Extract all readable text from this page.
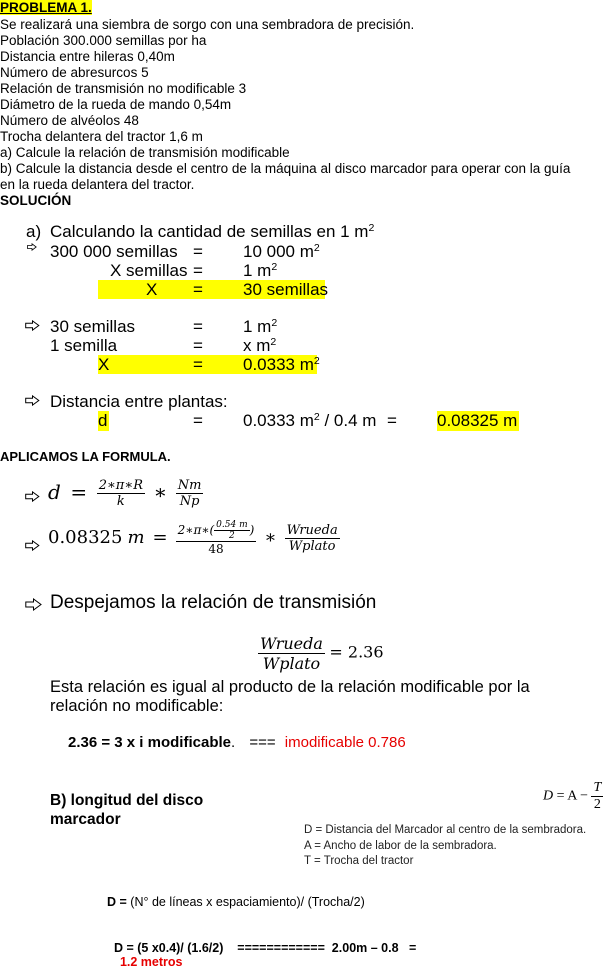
PROBLEMA 1.
Se realizará una siembra de sorgo con una sembradora de precisión.
Población 300.000 semillas por ha
Distancia entre hileras 0,40m
Número de abresurcos 5
Relación de transmisión no modificable 3
Diámetro de la rueda de mando 0,54m
Número de alvéolos 48
Trocha delantera del tractor 1,6 m
a) Calcule la relación de transmisión modificable
b) Calcule la distancia desde el centro de la máquina al disco marcador para operar con la guía
en la rueda delantera del tractor.
SOLUCIÓN
a) Calculando la cantidad de semillas en 1 $m^2$
300 000 semillas = 10 000 $m^2$
X semillas = 1 $m^2$
X = 30 semillas
30 semillas	= 1 $m^2$
1 semilla	= x $m^2$
X	= 0.0333 $m^2$
Distancia entre plantas:
d	= 0.0333 $m^2 / 0.4$ m = 0.08325 m
APLICAMOS LA FORMULA.
$d = \frac{2∗\pi∗R}{k}$ ∗ $\frac{Nm}{Np}$
0.08325 $m = \frac{2∗\pi∗( \frac{0.54 m}{2} )}{48}$ ∗ $\frac{\text{Wrueda}}{\text{Wplato}}$
Despejamos la relación de transmisión
$\frac{\text{Wrueda}}{\text{Wplato}} = 2.36$
Esta relación es igual al producto de la relación modificable por la
relación no modificable:
2.36 = 3 x i modificable. === imodificable 0.786
B) longitud del disco
marcador
$D = A - \frac{T}{2}$
D = Distancia del Marcador al centro de la sembradora.
A = Ancho de labor de la sembradora.
T = Trocha del tractor
D = (N° de líneas x espaciamiento)/ (Trocha/2)

D = (5 x0.4)/ (1.6/2)    ============  2.00m – 0.8   =
1.2 metros
